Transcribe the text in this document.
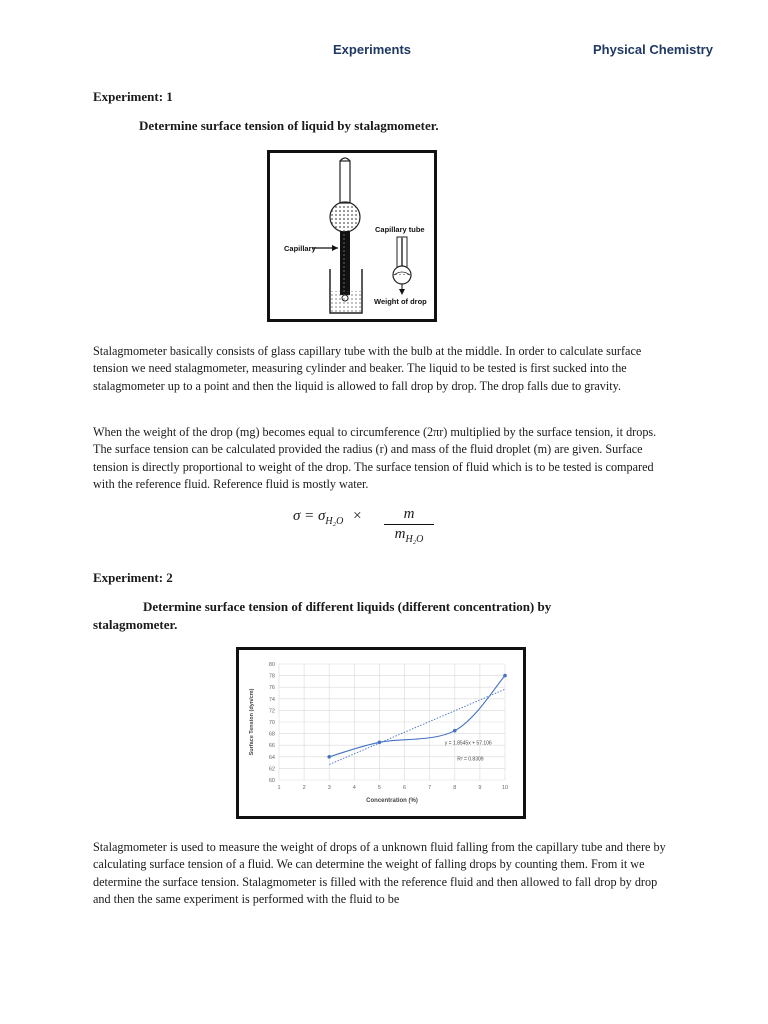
Experiments	Physical Chemistry
Experiment: 1
Determine surface tension of liquid by stalagmometer.
Capillary
Capillary tube
Weight of drop
Stalagmometer basically consists of glass capillary tube with the bulb at the middle. In order to calculate surface tension we need stalagmometer, measuring cylinder and beaker. The liquid to be tested is first sucked into the stalagmometer up to a point and then the liquid is allowed to fall drop by drop. The drop falls due to gravity.
When the weight of the drop (mg) becomes equal to circumference (2πr) multiplied by the surface tension, it drops. The surface tension can be calculated provided the radius (r) and mass of the fluid droplet (m) are given. Surface tension is directly proportional to weight of the drop. The surface tension of fluid which is to be tested is compared with the reference fluid. Reference fluid is mostly water.
$\sigma = \sigma_{H_2O}$ ×	m
$m_{H_2O}$
Experiment: 2
Determine surface tension of different liquids (different concentration) by stalagmometer.
60
62
64
66
68
70
72
74
76
78
80
1	2	3	4	5	6	7	8	9	10
Concentration (%)
Surface Tension (dyn/cm)	y = 1.8545x + 57.106
R² = 0.8309
Stalagmometer is used to measure the weight of drops of a unknown fluid falling from the capillary tube and there by calculating surface tension of a fluid. We can determine the weight of falling drops by counting them. From it we determine the surface tension. Stalagmometer is filled with the reference fluid and then allowed to fall drop by drop and then the same experiment is performed with the fluid to be
